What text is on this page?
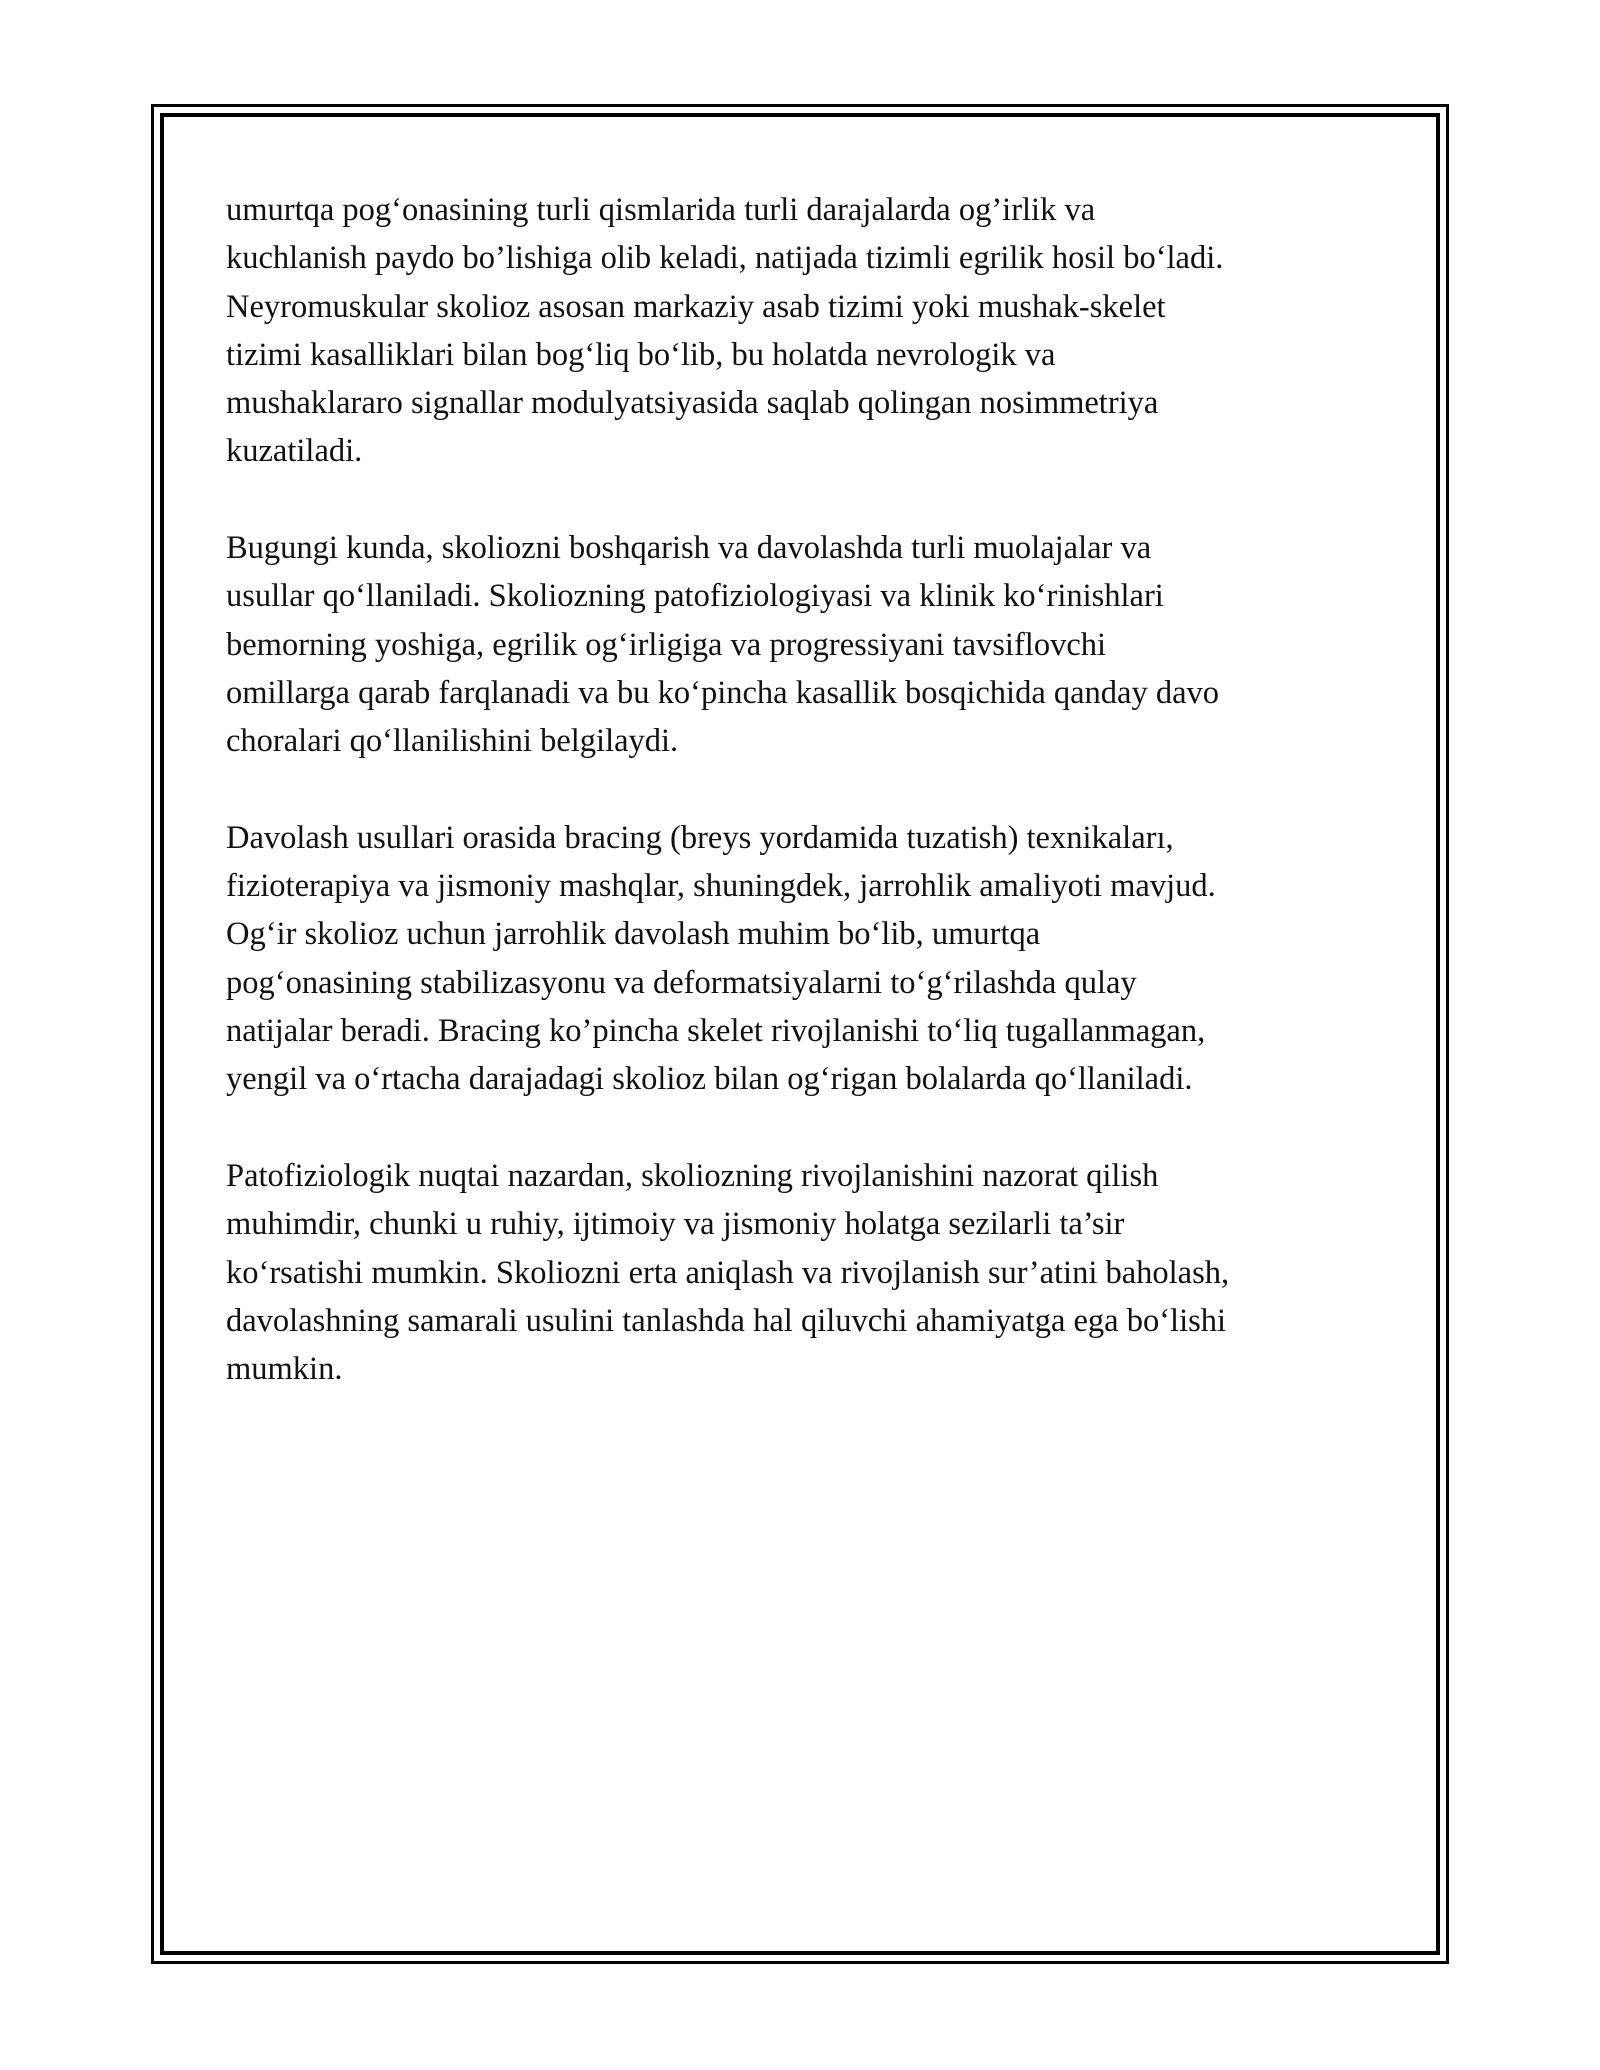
umurtqa pog‘onasining turli qismlarida turli darajalarda og’irlik va
kuchlanish paydo bo’lishiga olib keladi, natijada tizimli egrilik hosil bo‘ladi.
Neyromuskular skolioz asosan markaziy asab tizimi yoki mushak-skelet
tizimi kasalliklari bilan bog‘liq bo‘lib, bu holatda nevrologik va
mushaklararo signallar modulyatsiyasida saqlab qolingan nosimmetriya
kuzatiladi.

Bugungi kunda, skoliozni boshqarish va davolashda turli muolajalar va
usullar qo‘llaniladi. Skoliozning patofiziologiyasi va klinik ko‘rinishlari
bemorning yoshiga, egrilik og‘irligiga va progressiyani tavsiflovchi
omillarga qarab farqlanadi va bu ko‘pincha kasallik bosqichida qanday davo
choralari qo‘llanilishini belgilaydi.

Davolash usullari orasida bracing (breys yordamida tuzatish) texnikaları,
fizioterapiya va jismoniy mashqlar, shuningdek, jarrohlik amaliyoti mavjud.
Og‘ir skolioz uchun jarrohlik davolash muhim bo‘lib, umurtqa
pog‘onasining stabilizasyonu va deformatsiyalarni to‘g‘rilashda qulay
natijalar beradi. Bracing ko’pincha skelet rivojlanishi to‘liq tugallanmagan,
yengil va o‘rtacha darajadagi skolioz bilan og‘rigan bolalarda qo‘llaniladi.

Patofiziologik nuqtai nazardan, skoliozning rivojlanishini nazorat qilish
muhimdir, chunki u ruhiy, ijtimoiy va jismoniy holatga sezilarli ta’sir
ko‘rsatishi mumkin. Skoliozni erta aniqlash va rivojlanish sur’atini baholash,
davolashning samarali usulini tanlashda hal qiluvchi ahamiyatga ega bo‘lishi
mumkin.
